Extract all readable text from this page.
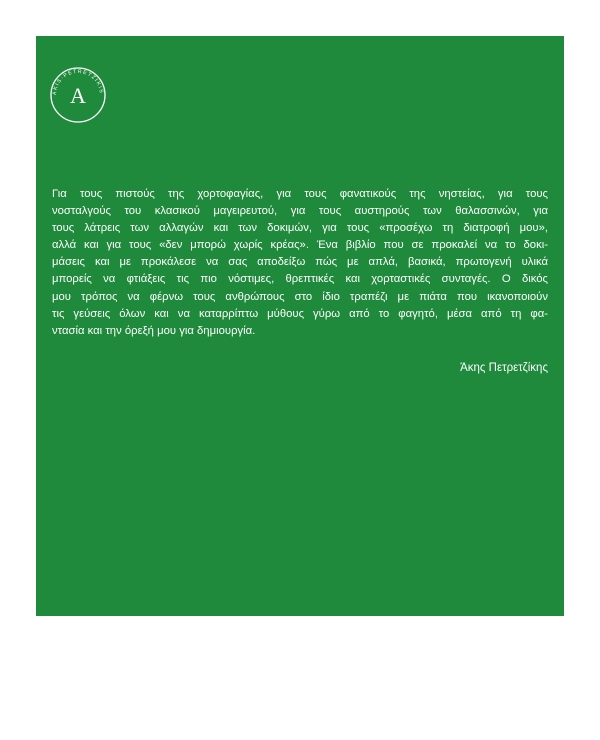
AKIS·PETRETZIKIS
A
Για τους πιστούς της χορτοφαγίας, για τους φανατικούς της νηστείας, για τους
νοσταλγούς του κλασικού μαγειρευτού, για τους αυστηρούς των θαλασσινών, για
τους λάτρεις των αλλαγών και των δοκιμών, για τους «προσέχω τη διατροφή μου»,
αλλά και για τους «δεν μπορώ χωρίς κρέας». Ένα βιβλίο που σε προκαλεί να το δοκι-
μάσεις και με προκάλεσε να σας αποδείξω πώς με απλά, βασικά, πρωτογενή υλικά
μπορείς να φτιάξεις τις πιο νόστιμες, θρεπτικές και χορταστικές συνταγές. Ο δικός
μου τρόπος να φέρνω τους ανθρώπους στο ίδιο τραπέζι με πιάτα που ικανοποιούν
τις γεύσεις όλων και να καταρρίπτω μύθους γύρω από το φαγητό, μέσα από τη φα-
ντασία και την όρεξή μου για δημιουργία.
Άκης Πετρετζίκης
